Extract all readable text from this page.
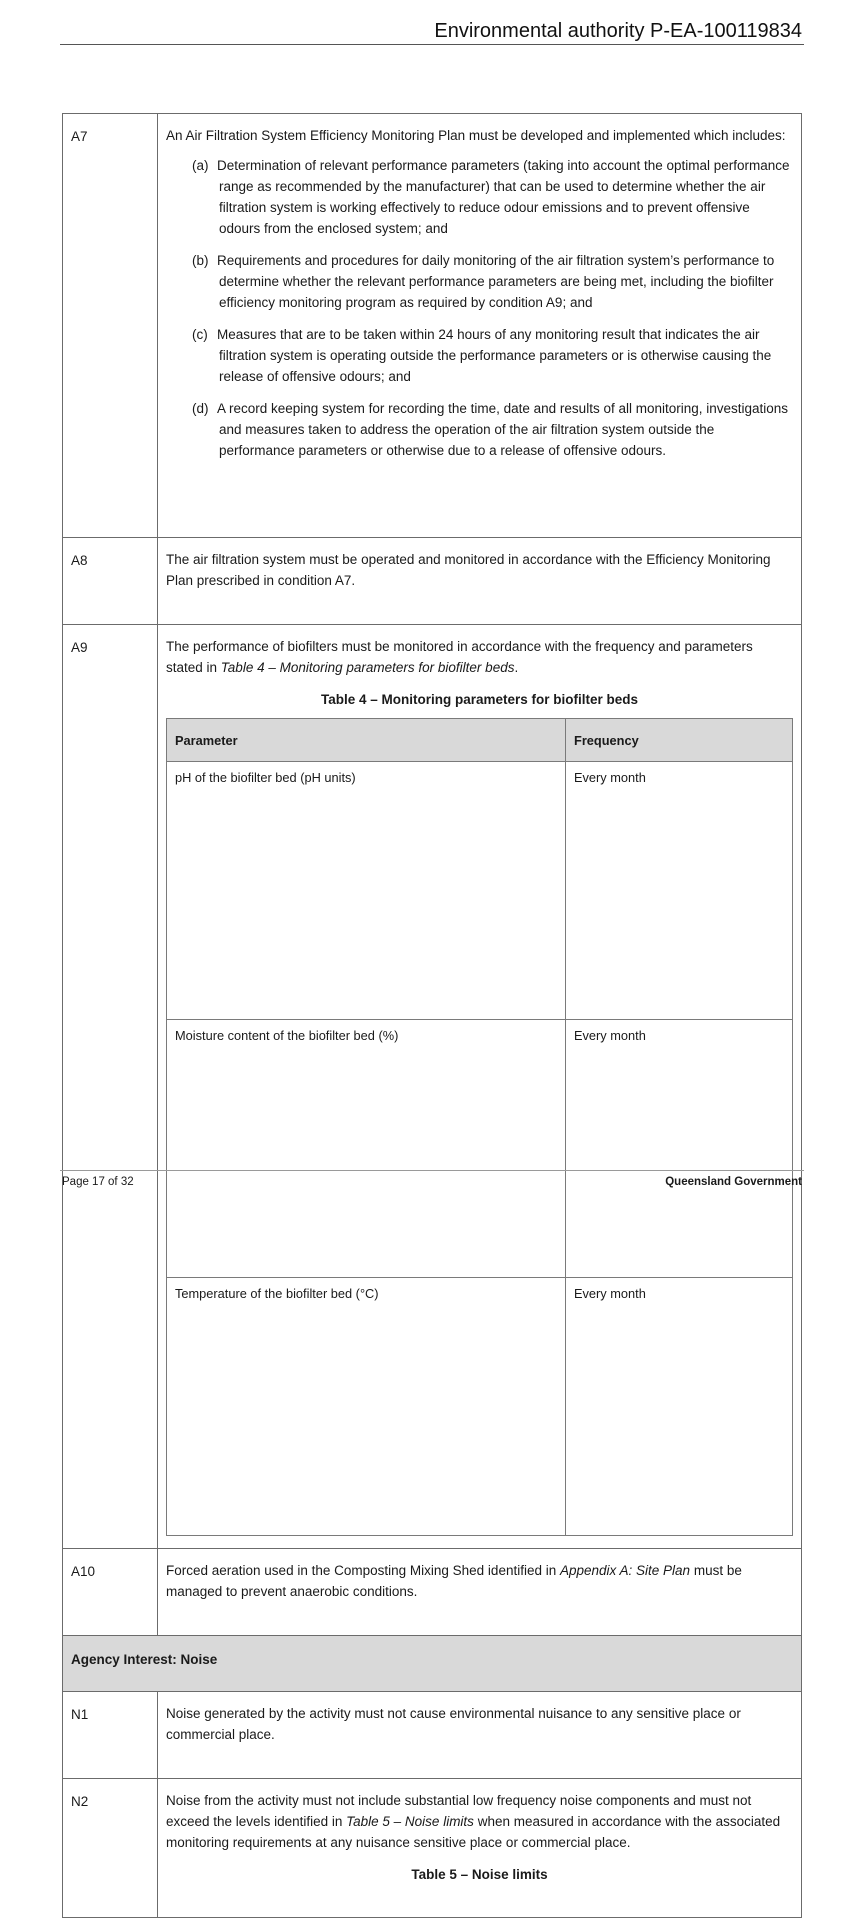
Environmental authority P-EA-100119834
A7	An Air Filtration System Efficiency Monitoring Plan must be developed and implemented which includes:

(a) Determination of relevant performance parameters (taking into account the optimal performance range as recommended by the manufacturer) that can be used to determine whether the air filtration system is working effectively to reduce odour emissions and to prevent offensive odours from the enclosed system; and
(b) Requirements and procedures for daily monitoring of the air filtration system’s performance to determine whether the relevant performance parameters are being met, including the biofilter efficiency monitoring program as required by condition A9; and
(c) Measures that are to be taken within 24 hours of any monitoring result that indicates the air filtration system is operating outside the performance parameters or is otherwise causing the release of offensive odours; and
(d) A record keeping system for recording the time, date and results of all monitoring, investigations and measures taken to address the operation of the air filtration system outside the performance parameters or otherwise due to a release of offensive odours.

A8	The air filtration system must be operated and monitored in accordance with the Efficiency Monitoring Plan prescribed in condition A7.

A9	The performance of biofilters must be monitored in accordance with the frequency and parameters stated in Table 4 – Monitoring parameters for biofilter beds.

Table 4 – Monitoring parameters for biofilter beds
Parameter	Frequency
pH of the biofilter bed (pH units)	Every month
Moisture content of the biofilter bed (%)	Every month
Temperature of the biofilter bed (°C)	Every month

A10	Forced aeration used in the Composting Mixing Shed identified in Appendix A: Site Plan must be managed to prevent anaerobic conditions.

Agency Interest: Noise
N1	Noise generated by the activity must not cause environmental nuisance to any sensitive place or commercial place.

N2	Noise from the activity must not include substantial low frequency noise components and must not exceed the levels identified in Table 5 – Noise limits when measured in accordance with the associated monitoring requirements at any nuisance sensitive place or commercial place.

Table 5 – Noise limits
Page 17 of 32	Queensland Government
